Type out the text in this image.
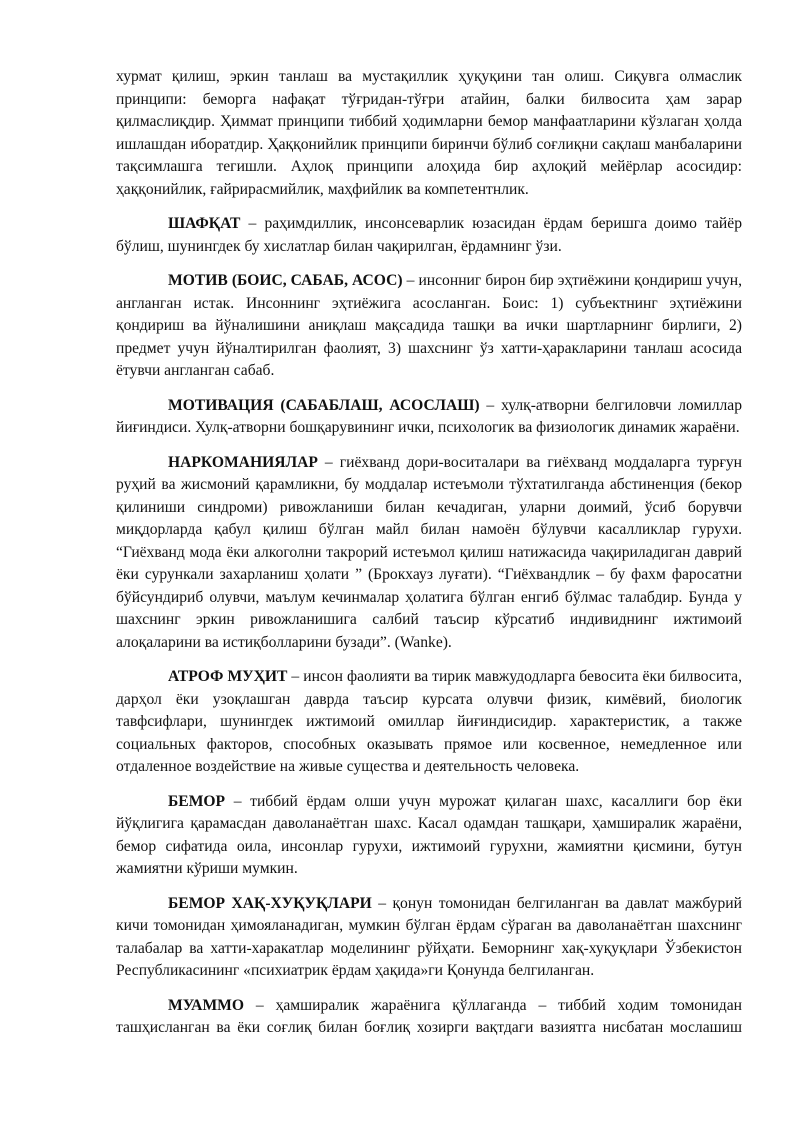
хурмат қилиш, эркин танлаш ва мустақиллик ҳуқуқини тан олиш. Сиқувга олмаслик принципи: беморга нафақат тўғридан-тўғри атайин, балки билвосита ҳам зарар қилмаслиқдир. Ҳиммат принципи тиббий ҳодимларни бемор манфаатларини кўзлаган ҳолда ишлашдан иборатдир. Ҳаққонийлик принципи биринчи бўлиб соғлиқни сақлаш манбаларини тақсимлашга тегишли. Аҳлоқ принципи алоҳида бир аҳлоқий мейёрлар асосидир: ҳаққонийлик, ғайрирасмийлик, маҳфийлик ва компетентнлик.

ШАФҚАТ – раҳимдиллик, инсонсеварлик юзасидан ёрдам беришга доимо тайёр бўлиш, шунингдек бу хислатлар билан чақирилган, ёрдамнинг ўзи.

МОТИВ (БОИС, САБАБ, АСОС) – инсонниг бирон бир эҳтиёжини қондириш учун, англанган истак. Инсоннинг эҳтиёжига асосланган. Боис: 1) субъектнинг эҳтиёжини қондириш ва йўналишини аниқлаш мақсадида ташқи ва ички шартларнинг бирлиги, 2) предмет учун йўналтирилган фаолият, 3) шахснинг ўз хатти-ҳаракларини танлаш асосида ётувчи англанган сабаб.

МОТИВАЦИЯ (САБАБЛАШ, АСОСЛАШ) – хулқ-атворни белгиловчи ломиллар йиғиндиси. Хулқ-атворни бошқарувининг ички, психологик ва физиологик динамик жараёни.

НАРКОМАНИЯЛАР – гиёхванд дори-воситалари ва гиёхванд моддаларга турғун руҳий ва жисмоний қарамликни, бу моддалар истеъмоли тўхтатилганда абстиненция (бекор қилиниши синдроми) ривожланиши билан кечадиган, уларни доимий, ўсиб борувчи миқдорларда қабул қилиш бўлган майл билан намоён бўлувчи касалликлар гурухи. “Гиёхванд мода ёки алкоголни такрорий истеъмол қилиш натижасида чақириладиган даврий ёки сурункали захарланиш ҳолати ” (Брокхауз луғати). “Гиёхвандлик – бу фахм фаросатни бўйсундириб олувчи, маълум кечинмалар ҳолатига бўлган енгиб бўлмас талабдир. Бунда у шахснинг эркин ривожланишига салбий таъсир кўрсатиб индивиднинг ижтимоий алоқаларини ва истиқболларини бузади”. (Wanke).

АТРОФ МУҲИТ – инсон фаолияти ва тирик мавжудодларга бевосита ёки билвосита, дарҳол ёки узоқлашган даврда таъсир курсата олувчи физик, кимёвий, биологик тавфсифлари, шунингдек ижтимоий омиллар йиғиндисидир. характеристик, а также социальных факторов, способных оказывать прямое или косвенное, немедленное или отдаленное воздействие на живые существа и деятельность человека.

БЕМОР – тиббий ёрдам олши учун мурожат қилаган шахс, касаллиги бор ёки йўқлигига қарамасдан даволанаётган шахс. Касал одамдан ташқари, ҳамширалик жараёни, бемор сифатида оила, инсонлар гурухи, ижтимоий гурухни, жамиятни қисмини, бутун жамиятни кўриши мумкин.

БЕМОР ХАҚ-ХУҚУҚЛАРИ – қонун томонидан белгиланган ва давлат мажбурий кичи томонидан ҳимояланадиган, мумкин бўлган ёрдам сўраган ва даволанаётган шахснинг талабалар ва хатти-харакатлар моделининг рўйҳати. Беморнинг хақ-хуқуқлари Ўзбекистон Республикасининг «психиатрик ёрдам ҳақида»ги Қонунда белгиланган.

МУАММО – ҳамширалик жараёнига қўллаганда – тиббий ходим томонидан ташҳисланган ва ёки соғлиқ билан боғлиқ хозирги вақтдаги вазиятга нисбатан мослашиш
